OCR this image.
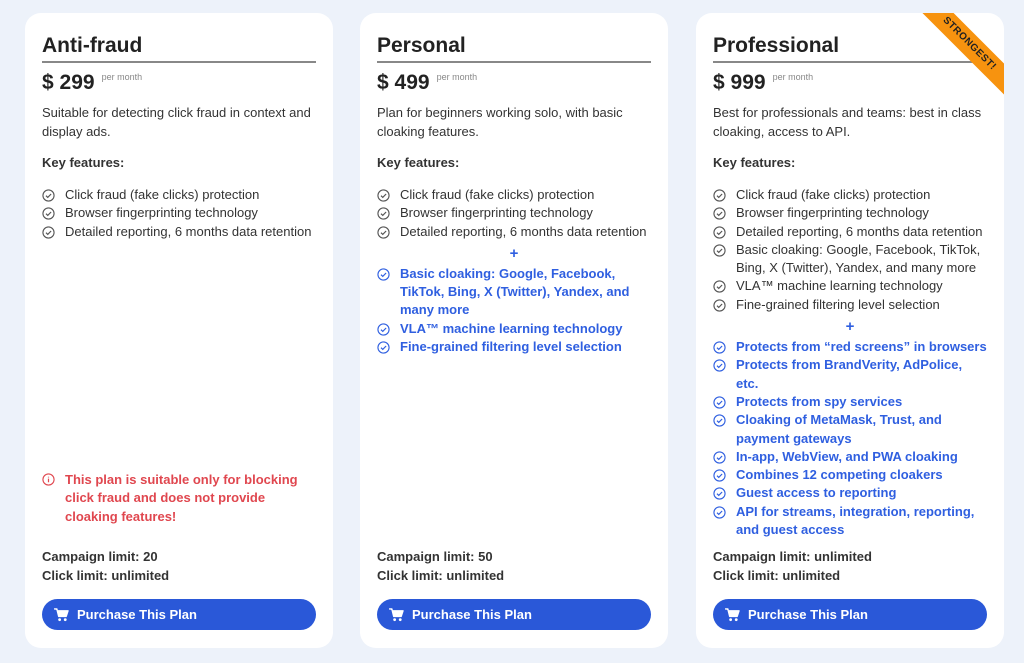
Anti-fraud
$ 299 per month
Suitable for detecting click fraud in context and display ads.
Key features:
Click fraud (fake clicks) protection
Browser fingerprinting technology
Detailed reporting, 6 months data retention
This plan is suitable only for blocking click fraud and does not provide cloaking features!
Campaign limit: 20
Click limit: unlimited
Purchase This Plan
Personal
$ 499 per month
Plan for beginners working solo, with basic cloaking features.
Key features:
Click fraud (fake clicks) protection
Browser fingerprinting technology
Detailed reporting, 6 months data retention
+
Basic cloaking: Google, Facebook, TikTok, Bing, X (Twitter), Yandex, and many more
VLA™ machine learning technology
Fine-grained filtering level selection
Campaign limit: 50
Click limit: unlimited
Purchase This Plan
STRONGEST!
Professional
$ 999 per month
Best for professionals and teams: best in class cloaking, access to API.
Key features:
Click fraud (fake clicks) protection
Browser fingerprinting technology
Detailed reporting, 6 months data retention
Basic cloaking: Google, Facebook, TikTok, Bing, X (Twitter), Yandex, and many more
VLA™ machine learning technology
Fine-grained filtering level selection
+
Protects from “red screens” in browsers
Protects from BrandVerity, AdPolice, etc.
Protects from spy services
Cloaking of MetaMask, Trust, and payment gateways
In-app, WebView, and PWA cloaking
Combines 12 competing cloakers
Guest access to reporting
API for streams, integration, reporting, and guest access
Campaign limit: unlimited
Click limit: unlimited
Purchase This Plan
